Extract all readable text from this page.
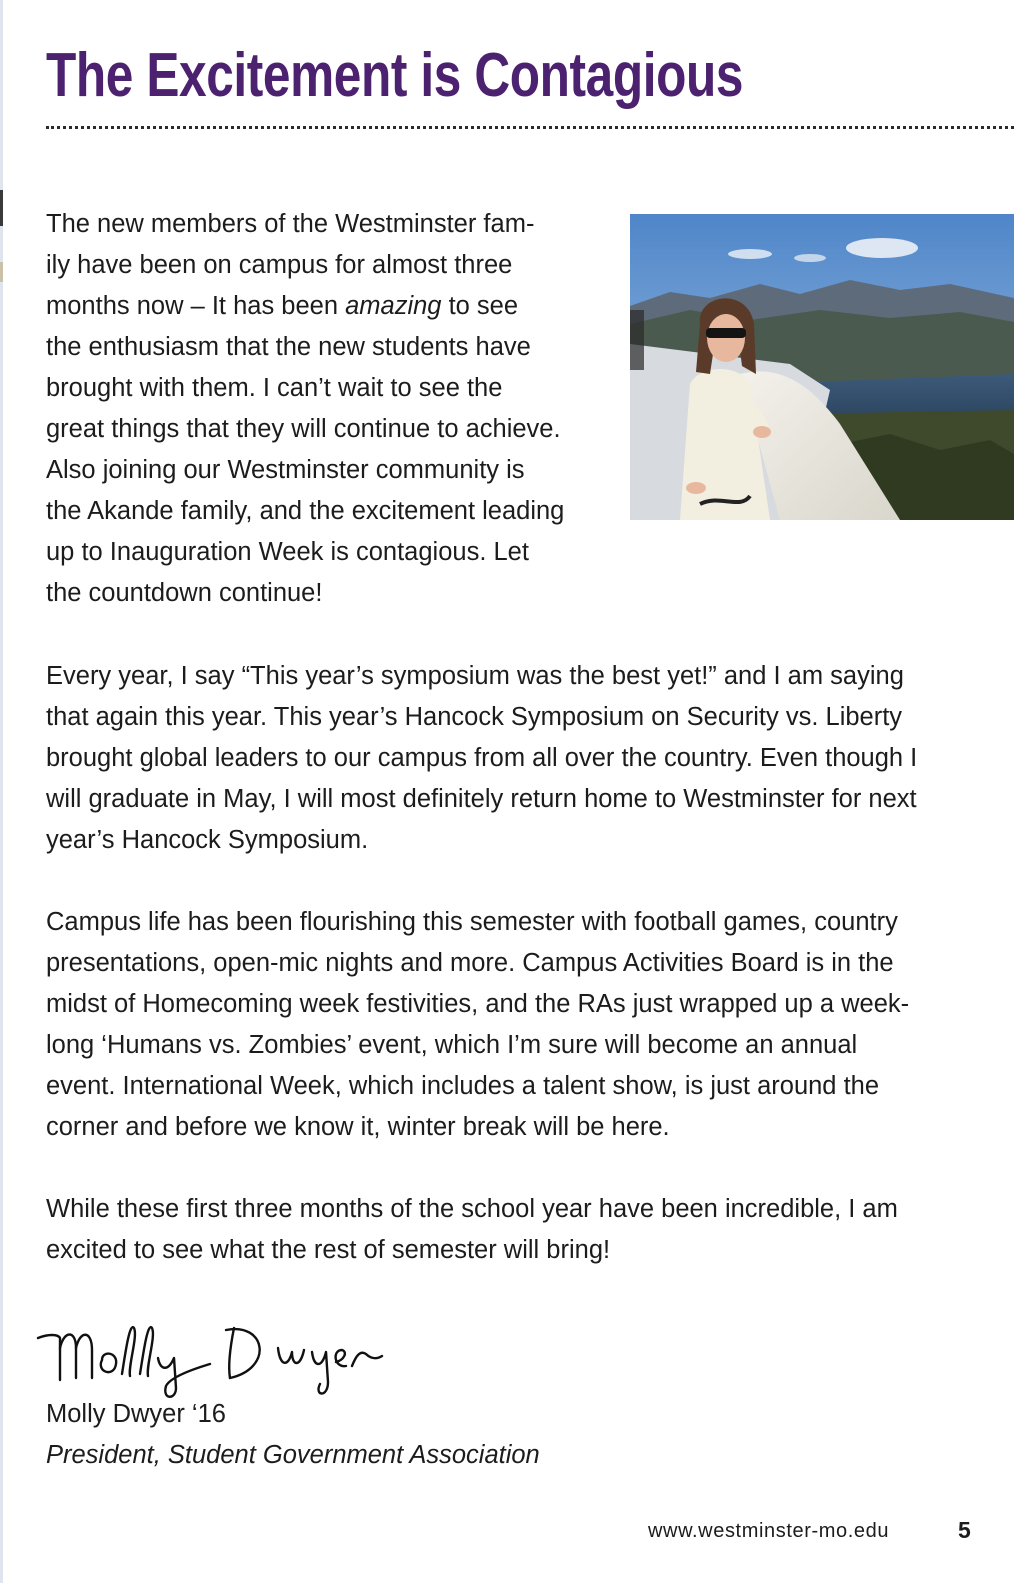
The Excitement is Contagious
The new members of the Westminster fam-
ily have been on campus for almost three
months now – It has been amazing to see
the enthusiasm that the new students have
brought with them. I can’t wait to see the
great things that they will continue to achieve.
Also joining our Westminster community is
the Akande family, and the excitement leading
up to Inauguration Week is contagious. Let
the countdown continue!
Every year, I say “This year’s symposium was the best yet!” and I am saying
that again this year. This year’s Hancock Symposium on Security vs. Liberty
brought global leaders to our campus from all over the country. Even though I
will graduate in May, I will most definitely return home to Westminster for next
year’s Hancock Symposium.
Campus life has been flourishing this semester with football games, country
presentations, open-mic nights and more. Campus Activities Board is in the
midst of Homecoming week festivities, and the RAs just wrapped up a week-
long ‘Humans vs. Zombies’ event, which I’m sure will become an annual
event. International Week, which includes a talent show, is just around the
corner and before we know it, winter break will be here.
While these first three months of the school year have been incredible, I am
excited to see what the rest of semester will bring!
Molly Dwyer ‘16
President, Student Government Association
www.westminster-mo.edu	5
